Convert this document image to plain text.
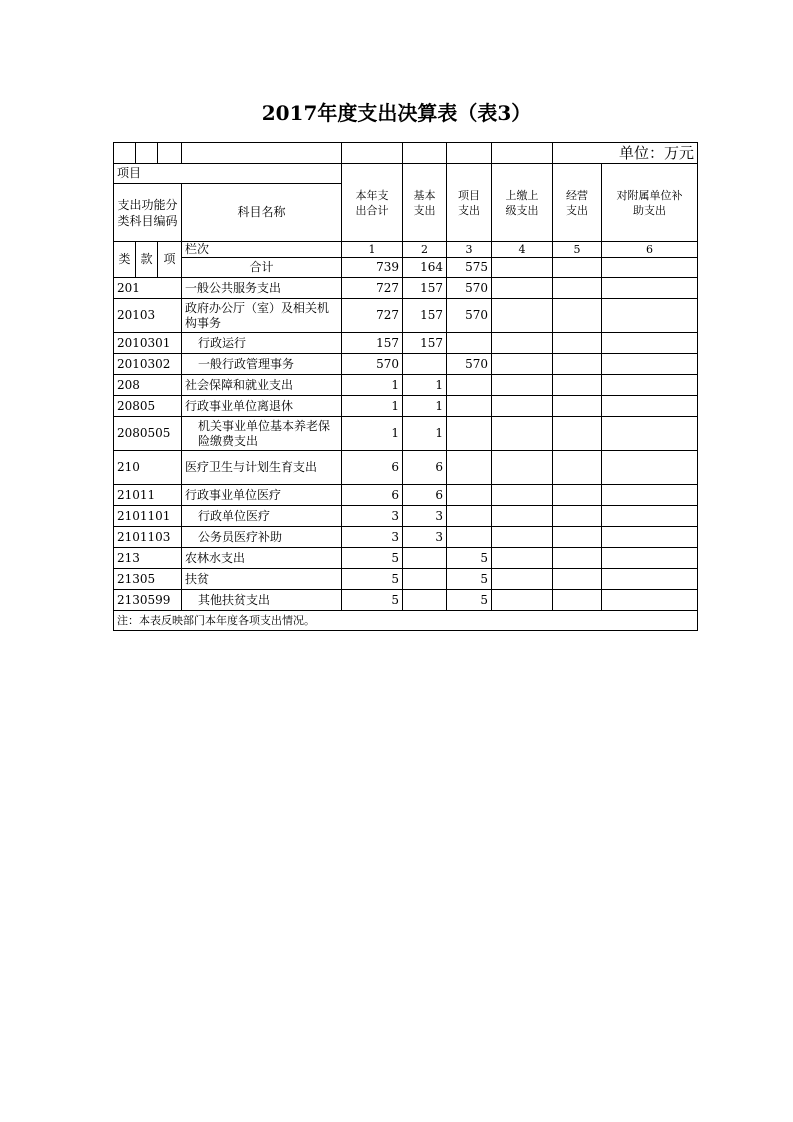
2017年度支出决算表（表3）
								单位：万元	
项目				本年支出合计	基本支出	项目支出	上缴上级支出	经营支出	对附属单位补助支出

支出功能分类科目编码			科目名称						
类	款	项	栏次	1	2	3	4	5	6
			合计	739	164	575			
201			一般公共服务支出	727	157	570			
20103			政府办公厅（室）及相关机构事务	727	157	570			
2010301			行政运行	157	157				
2010302			一般行政管理事务	570		570			
208			社会保障和就业支出	1	1				
20805			行政事业单位离退休	1	1				
2080505			机关事业单位基本养老保险缴费支出	1	1				
210			医疗卫生与计划生育支出	6	6				
21011			行政事业单位医疗	6	6				
2101101			行政单位医疗	3	3				
2101103			公务员医疗补助	3	3				
213			农林水支出	5		5			
21305			扶贫	5		5			
2130599			其他扶贫支出	5		5			
注：本表反映部门本年度各项支出情况。									
